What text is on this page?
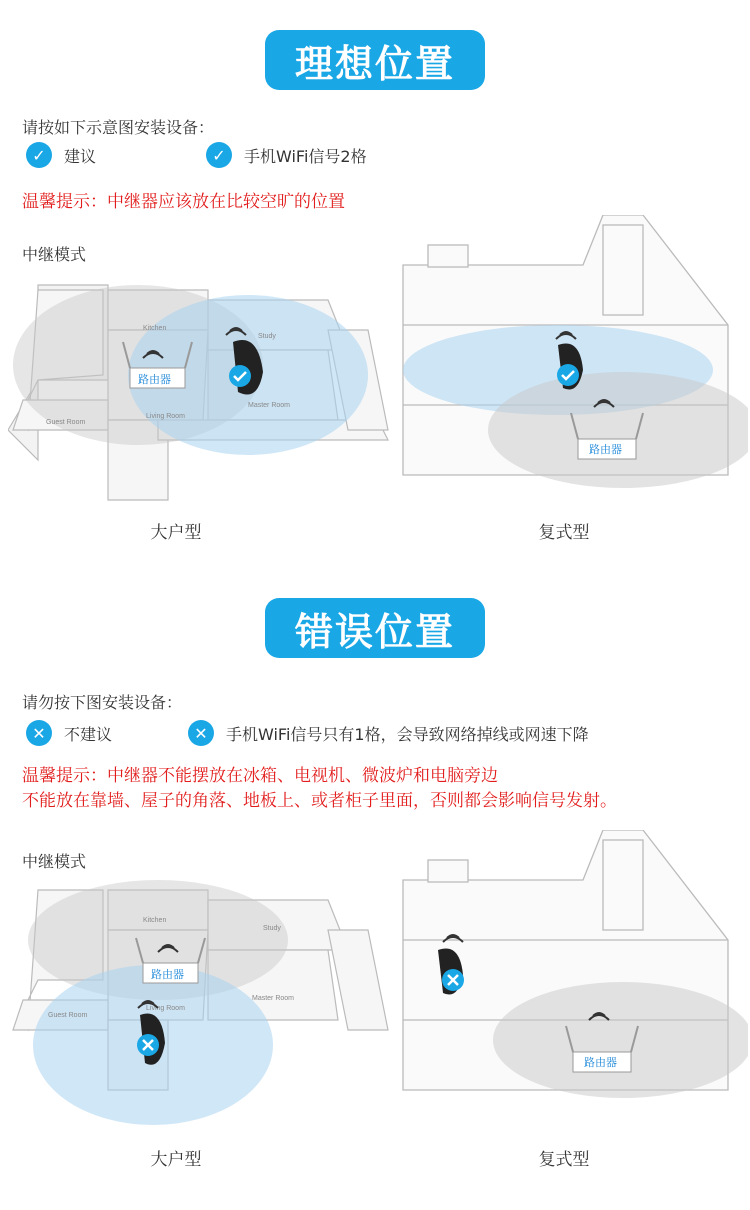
理想位置
请按如下示意图安装设备：
✓	建议	✓	手机WiFi信号2格
温馨提示：中继器应该放在比较空旷的位置
中继模式
Kitchen
Study
Guest Room
Living Room
Master Room
路由器
路由器
大户型	复式型
错误位置
请勿按下图安装设备：
✕	不建议	✕	手机WiFi信号只有1格，会导致网络掉线或网速下降
温馨提示：中继器不能摆放在冰箱、电视机、微波炉和电脑旁边
不能放在靠墙、屋子的角落、地板上、或者柜子里面，否则都会影响信号发射。
中继模式
Kitchen
Study
Guest Room
Living Room
Master Room
路由器
路由器
大户型	复式型
